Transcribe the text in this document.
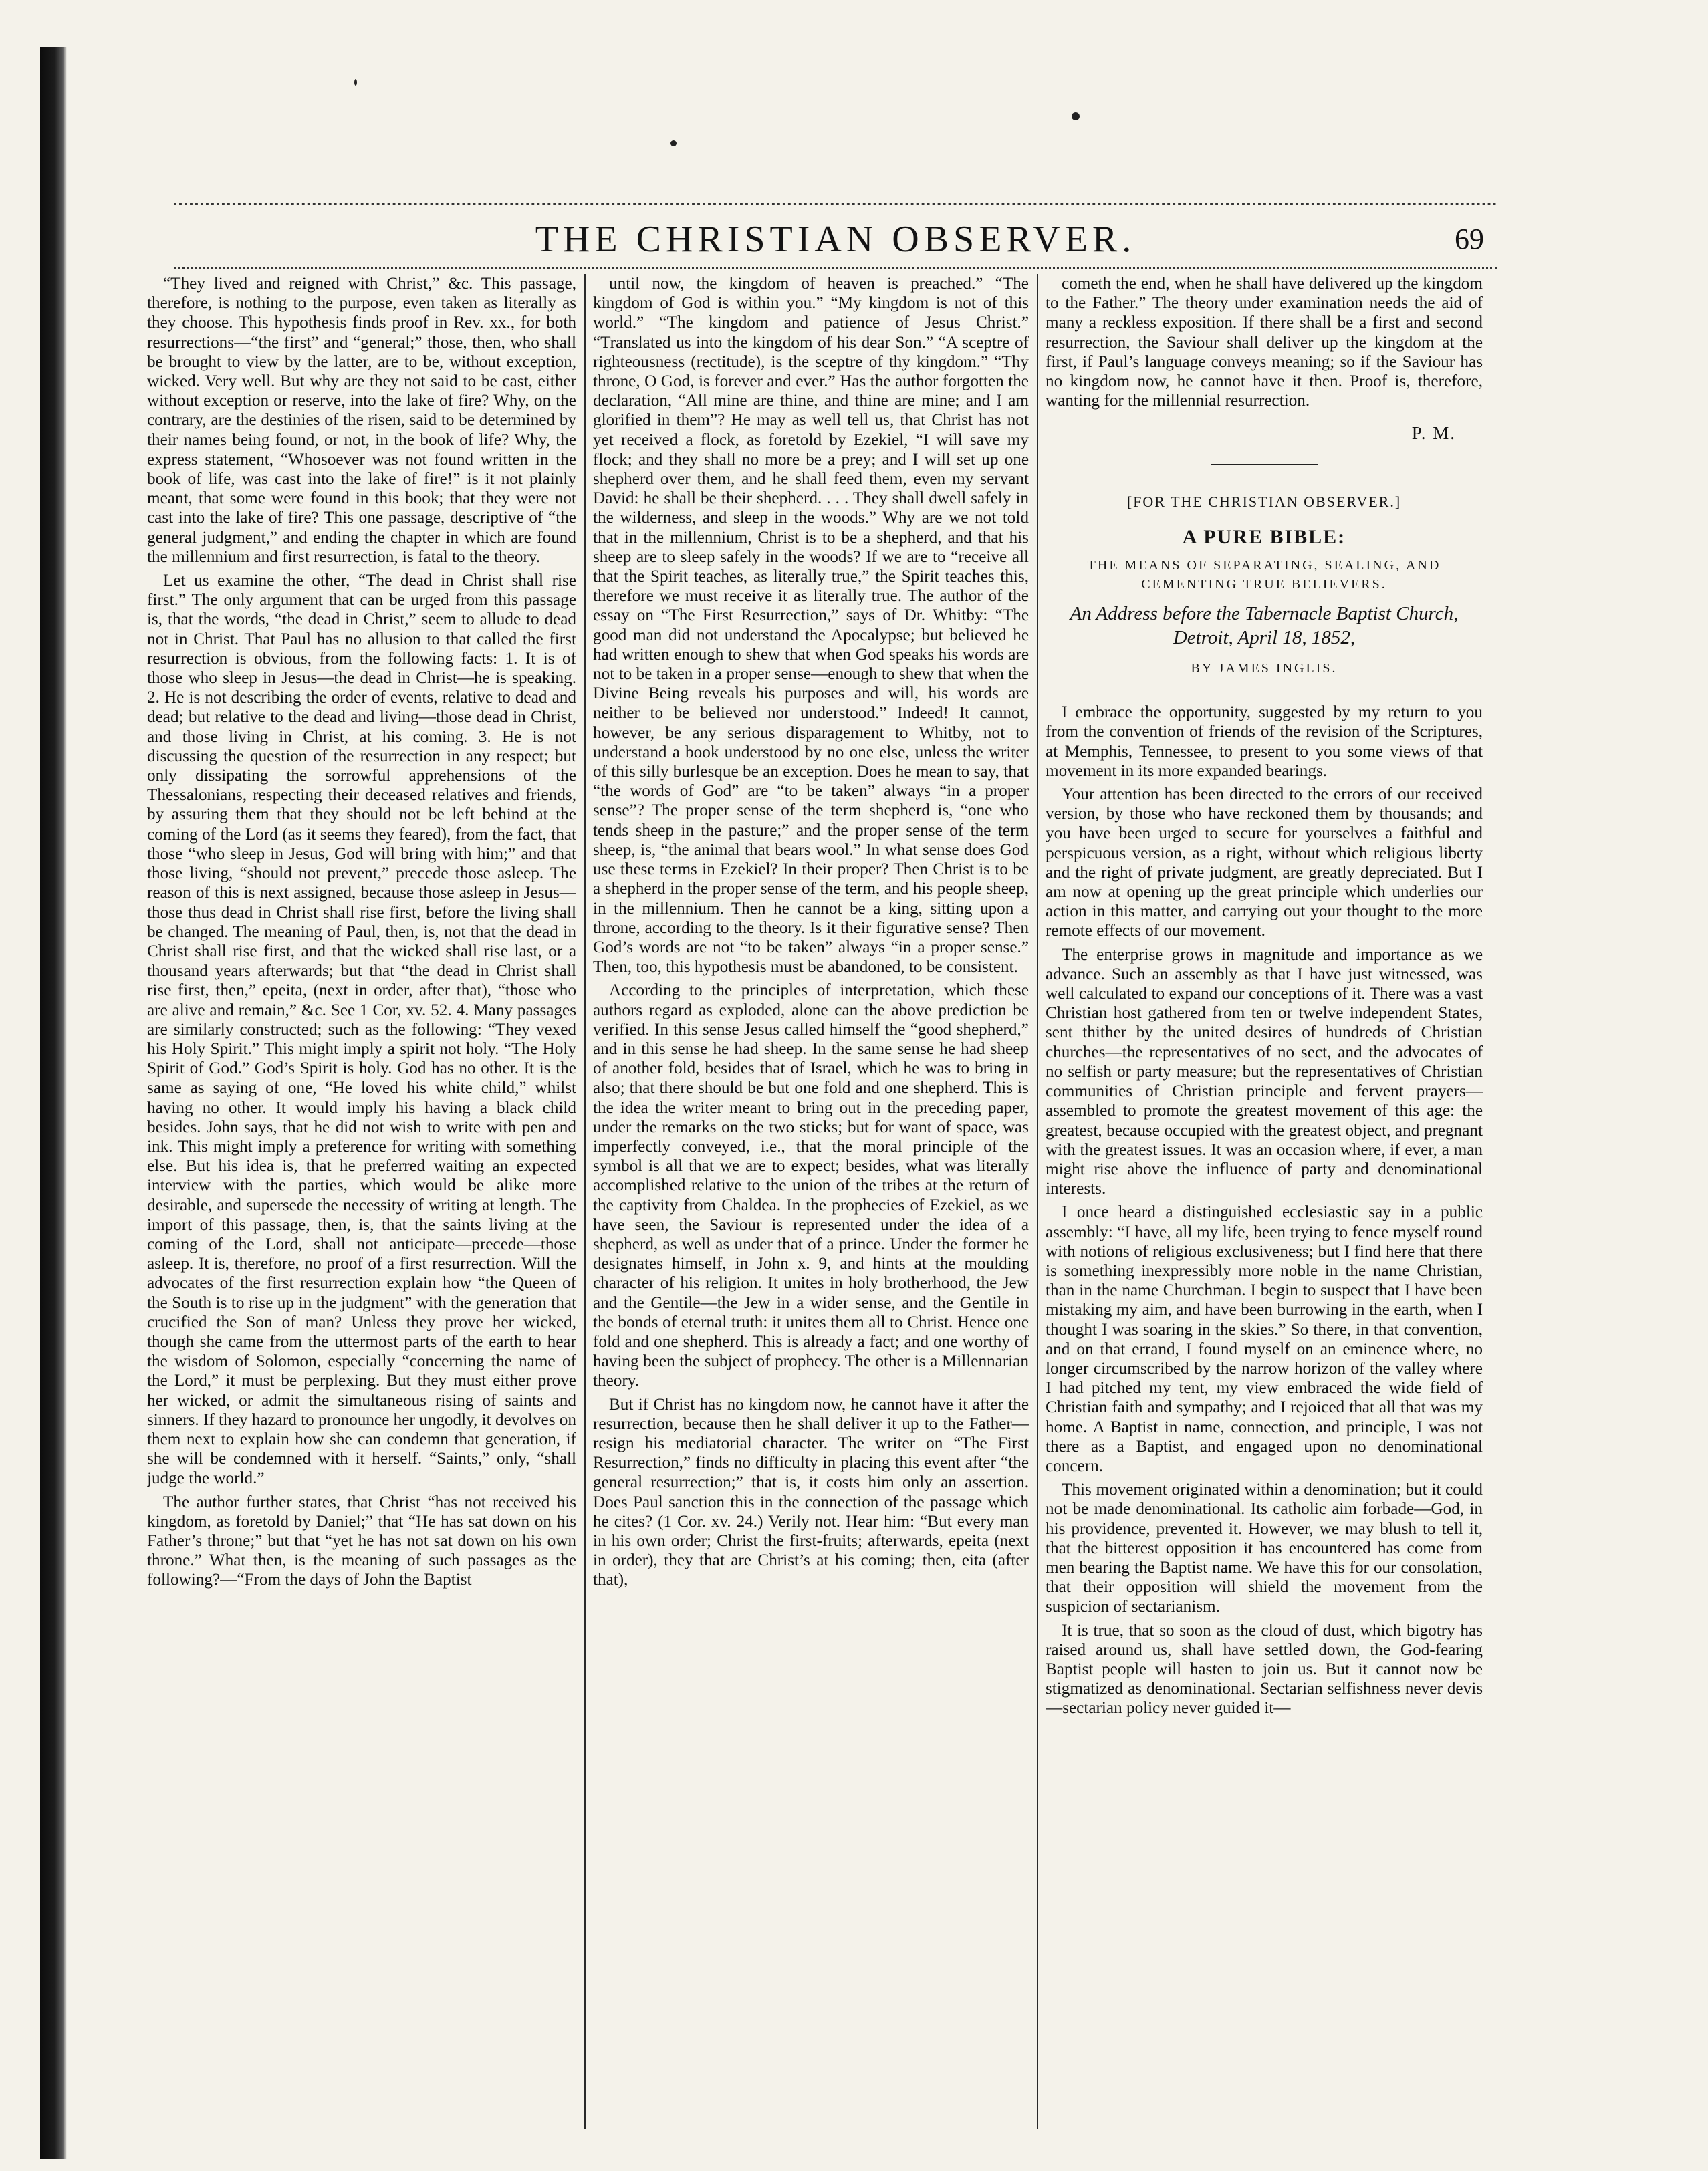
THE CHRISTIAN OBSERVER.	69

“They lived and reigned with Christ,” &c. This passage, therefore, is nothing to the purpose, even taken as literally as they choose. This hypothesis finds proof in Rev. xx., for both resurrections—“the first” and “general;” those, then, who shall be brought to view by the latter, are to be, without exception, wicked. Very well. But why are they not said to be cast, either without exception or reserve, into the lake of fire? Why, on the contrary, are the destinies of the risen, said to be determined by their names being found, or not, in the book of life? Why, the express statement, “Whosoever was not found written in the book of life, was cast into the lake of fire!” is it not plainly meant, that some were found in this book; that they were not cast into the lake of fire? This one passage, descriptive of “the general judgment,” and ending the chapter in which are found the millennium and first resurrection, is fatal to the theory.

Let us examine the other, “The dead in Christ shall rise first.” The only argument that can be urged from this passage is, that the words, “the dead in Christ,” seem to allude to dead not in Christ. That Paul has no allusion to that called the first resurrection is obvious, from the following facts: 1. It is of those who sleep in Jesus—the dead in Christ—he is speaking. 2. He is not describing the order of events, relative to dead and dead; but relative to the dead and living—those dead in Christ, and those living in Christ, at his coming. 3. He is not discussing the question of the resurrection in any respect; but only dissipating the sorrowful apprehensions of the Thessalonians, respecting their deceased relatives and friends, by assuring them that they should not be left behind at the coming of the Lord (as it seems they feared), from the fact, that those “who sleep in Jesus, God will bring with him;” and that those living, “should not prevent,” precede those asleep. The reason of this is next assigned, because those asleep in Jesus—those thus dead in Christ shall rise first, before the living shall be changed. The meaning of Paul, then, is, not that the dead in Christ shall rise first, and that the wicked shall rise last, or a thousand years afterwards; but that “the dead in Christ shall rise first, then,” epeita, (next in order, after that), “those who are alive and remain,” &c. See 1 Cor, xv. 52. 4. Many passages are similarly constructed; such as the following: “They vexed his Holy Spirit.” This might imply a spirit not holy. “The Holy Spirit of God.” God’s Spirit is holy. God has no other. It is the same as saying of one, “He loved his white child,” whilst having no other. It would imply his having a black child besides. John says, that he did not wish to write with pen and ink. This might imply a preference for writing with something else. But his idea is, that he preferred waiting an expected interview with the parties, which would be alike more desirable, and supersede the necessity of writing at length. The import of this passage, then, is, that the saints living at the coming of the Lord, shall not anticipate—precede—those asleep. It is, therefore, no proof of a first resurrection. Will the advocates of the first resurrection explain how “the Queen of the South is to rise up in the judgment” with the generation that crucified the Son of man? Unless they prove her wicked, though she came from the uttermost parts of the earth to hear the wisdom of Solomon, especially “concerning the name of the Lord,” it must be perplexing. But they must either prove her wicked, or admit the simultaneous rising of saints and sinners. If they hazard to pronounce her ungodly, it devolves on them next to explain how she can condemn that generation, if she will be condemned with it herself. “Saints,” only, “shall judge the world.”

The author further states, that Christ “has not received his kingdom, as foretold by Daniel;” that “He has sat down on his Father’s throne;” but that “yet he has not sat down on his own throne.” What then, is the meaning of such passages as the following?—“From the days of John the Baptist

until now, the kingdom of heaven is preached.” “The kingdom of God is within you.” “My kingdom is not of this world.” “The kingdom and patience of Jesus Christ.” “Translated us into the kingdom of his dear Son.” “A sceptre of righteousness (rectitude), is the sceptre of thy kingdom.” “Thy throne, O God, is forever and ever.” Has the author forgotten the declaration, “All mine are thine, and thine are mine; and I am glorified in them”? He may as well tell us, that Christ has not yet received a flock, as foretold by Ezekiel, “I will save my flock; and they shall no more be a prey; and I will set up one shepherd over them, and he shall feed them, even my servant David: he shall be their shepherd. . . . They shall dwell safely in the wilderness, and sleep in the woods.” Why are we not told that in the millennium, Christ is to be a shepherd, and that his sheep are to sleep safely in the woods? If we are to “receive all that the Spirit teaches, as literally true,” the Spirit teaches this, therefore we must receive it as literally true. The author of the essay on “The First Resurrection,” says of Dr. Whitby: “The good man did not understand the Apocalypse; but believed he had written enough to shew that when God speaks his words are not to be taken in a proper sense—enough to shew that when the Divine Being reveals his purposes and will, his words are neither to be believed nor understood.” Indeed! It cannot, however, be any serious disparagement to Whitby, not to understand a book understood by no one else, unless the writer of this silly burlesque be an exception. Does he mean to say, that “the words of God” are “to be taken” always “in a proper sense”? The proper sense of the term shepherd is, “one who tends sheep in the pasture;” and the proper sense of the term sheep, is, “the animal that bears wool.” In what sense does God use these terms in Ezekiel? In their proper? Then Christ is to be a shepherd in the proper sense of the term, and his people sheep, in the millennium. Then he cannot be a king, sitting upon a throne, according to the theory. Is it their figurative sense? Then God’s words are not “to be taken” always “in a proper sense.” Then, too, this hypothesis must be abandoned, to be consistent.

According to the principles of interpretation, which these authors regard as exploded, alone can the above prediction be verified. In this sense Jesus called himself the “good shepherd,” and in this sense he had sheep. In the same sense he had sheep of another fold, besides that of Israel, which he was to bring in also; that there should be but one fold and one shepherd. This is the idea the writer meant to bring out in the preceding paper, under the remarks on the two sticks; but for want of space, was imperfectly conveyed, i.e., that the moral principle of the symbol is all that we are to expect; besides, what was literally accomplished relative to the union of the tribes at the return of the captivity from Chaldea. In the prophecies of Ezekiel, as we have seen, the Saviour is represented under the idea of a shepherd, as well as under that of a prince. Under the former he designates himself, in John x. 9, and hints at the moulding character of his religion. It unites in holy brotherhood, the Jew and the Gentile—the Jew in a wider sense, and the Gentile in the bonds of eternal truth: it unites them all to Christ. Hence one fold and one shepherd. This is already a fact; and one worthy of having been the subject of prophecy. The other is a Millennarian theory.

But if Christ has no kingdom now, he cannot have it after the resurrection, because then he shall deliver it up to the Father—resign his mediatorial character. The writer on “The First Resurrection,” finds no difficulty in placing this event after “the general resurrection;” that is, it costs him only an assertion. Does Paul sanction this in the connection of the passage which he cites? (1 Cor. xv. 24.) Verily not. Hear him: “But every man in his own order; Christ the first-fruits; afterwards, epeita (next in order), they that are Christ’s at his coming; then, eita (after that),

cometh the end, when he shall have delivered up the kingdom to the Father.” The theory under examination needs the aid of many a reckless exposition. If there shall be a first and second resurrection, the Saviour shall deliver up the kingdom at the first, if Paul’s language conveys meaning; so if the Saviour has no kingdom now, he cannot have it then. Proof is, therefore, wanting for the millennial resurrection.

P. M.
[FOR THE CHRISTIAN OBSERVER.]
A PURE BIBLE:
THE MEANS OF SEPARATING, SEALING, AND CEMENTING TRUE BELIEVERS.
An Address before the Tabernacle Baptist Church, Detroit, April 18, 1852,
BY JAMES INGLIS.

I embrace the opportunity, suggested by my return to you from the convention of friends of the revision of the Scriptures, at Memphis, Tennessee, to present to you some views of that movement in its more expanded bearings.

Your attention has been directed to the errors of our received version, by those who have reckoned them by thousands; and you have been urged to secure for yourselves a faithful and perspicuous version, as a right, without which religious liberty and the right of private judgment, are greatly depreciated. But I am now at opening up the great principle which underlies our action in this matter, and carrying out your thought to the more remote effects of our movement.

The enterprise grows in magnitude and importance as we advance. Such an assembly as that I have just witnessed, was well calculated to expand our conceptions of it. There was a vast Christian host gathered from ten or twelve independent States, sent thither by the united desires of hundreds of Christian churches—the representatives of no sect, and the advocates of no selfish or party measure; but the representatives of Christian communities of Christian principle and fervent prayers—assembled to promote the greatest movement of this age: the greatest, because occupied with the greatest object, and pregnant with the greatest issues. It was an occasion where, if ever, a man might rise above the influence of party and denominational interests.

I once heard a distinguished ecclesiastic say in a public assembly: “I have, all my life, been trying to fence myself round with notions of religious exclusiveness; but I find here that there is something inexpressibly more noble in the name Christian, than in the name Churchman. I begin to suspect that I have been mistaking my aim, and have been burrowing in the earth, when I thought I was soaring in the skies.” So there, in that convention, and on that errand, I found myself on an eminence where, no longer circumscribed by the narrow horizon of the valley where I had pitched my tent, my view embraced the wide field of Christian faith and sympathy; and I rejoiced that all that was my home. A Baptist in name, connection, and principle, I was not there as a Baptist, and engaged upon no denominational concern.

This movement originated within a denomination; but it could not be made denominational. Its catholic aim forbade—God, in his providence, prevented it. However, we may blush to tell it, that the bitterest opposition it has encountered has come from men bearing the Baptist name. We have this for our consolation, that their opposition will shield the movement from the suspicion of sectarianism.

It is true, that so soon as the cloud of dust, which bigotry has raised around us, shall have settled down, the God-fearing Baptist people will hasten to join us. But it cannot now be stigmatized as denominational. Sectarian selfishness never devis—sectarian policy never guided it—
